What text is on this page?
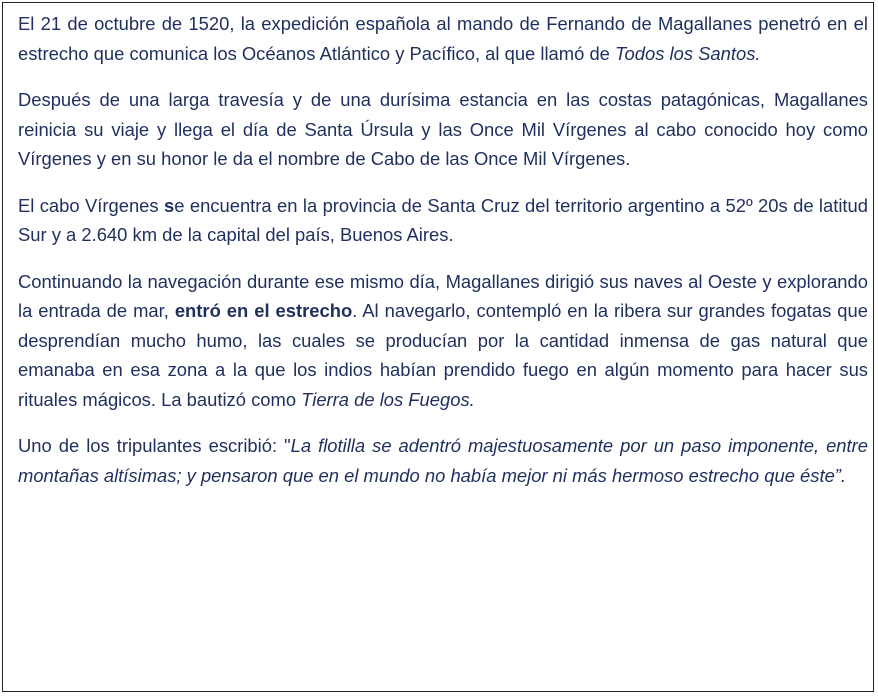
El 21 de octubre de 1520, la expedición española al mando de Fernando de Magallanes penetró en el estrecho que comunica los Océanos Atlántico y Pacífico, al que llamó de Todos los Santos.

Después de una larga travesía y de una durísima estancia en las costas patagónicas, Magallanes reinicia su viaje y llega el día de Santa Úrsula y las Once Mil Vírgenes al cabo conocido hoy como Vírgenes y en su honor le da el nombre de Cabo de las Once Mil Vírgenes.

El cabo Vírgenes se encuentra en la provincia de Santa Cruz del territorio argentino a 52º 20s de latitud Sur y a 2.640 km de la capital del país, Buenos Aires.

Continuando la navegación durante ese mismo día, Magallanes dirigió sus naves al Oeste y explorando la entrada de mar, entró en el estrecho. Al navegarlo, contempló en la ribera sur grandes fogatas que desprendían mucho humo, las cuales se producían por la cantidad inmensa de gas natural que emanaba en esa zona a la que los indios habían prendido fuego en algún momento para hacer sus rituales mágicos. La bautizó como Tierra de los Fuegos.

Uno de los tripulantes escribió: "La flotilla se adentró majestuosamente por un paso imponente, entre montañas altísimas; y pensaron que en el mundo no había mejor ni más hermoso estrecho que éste”.
